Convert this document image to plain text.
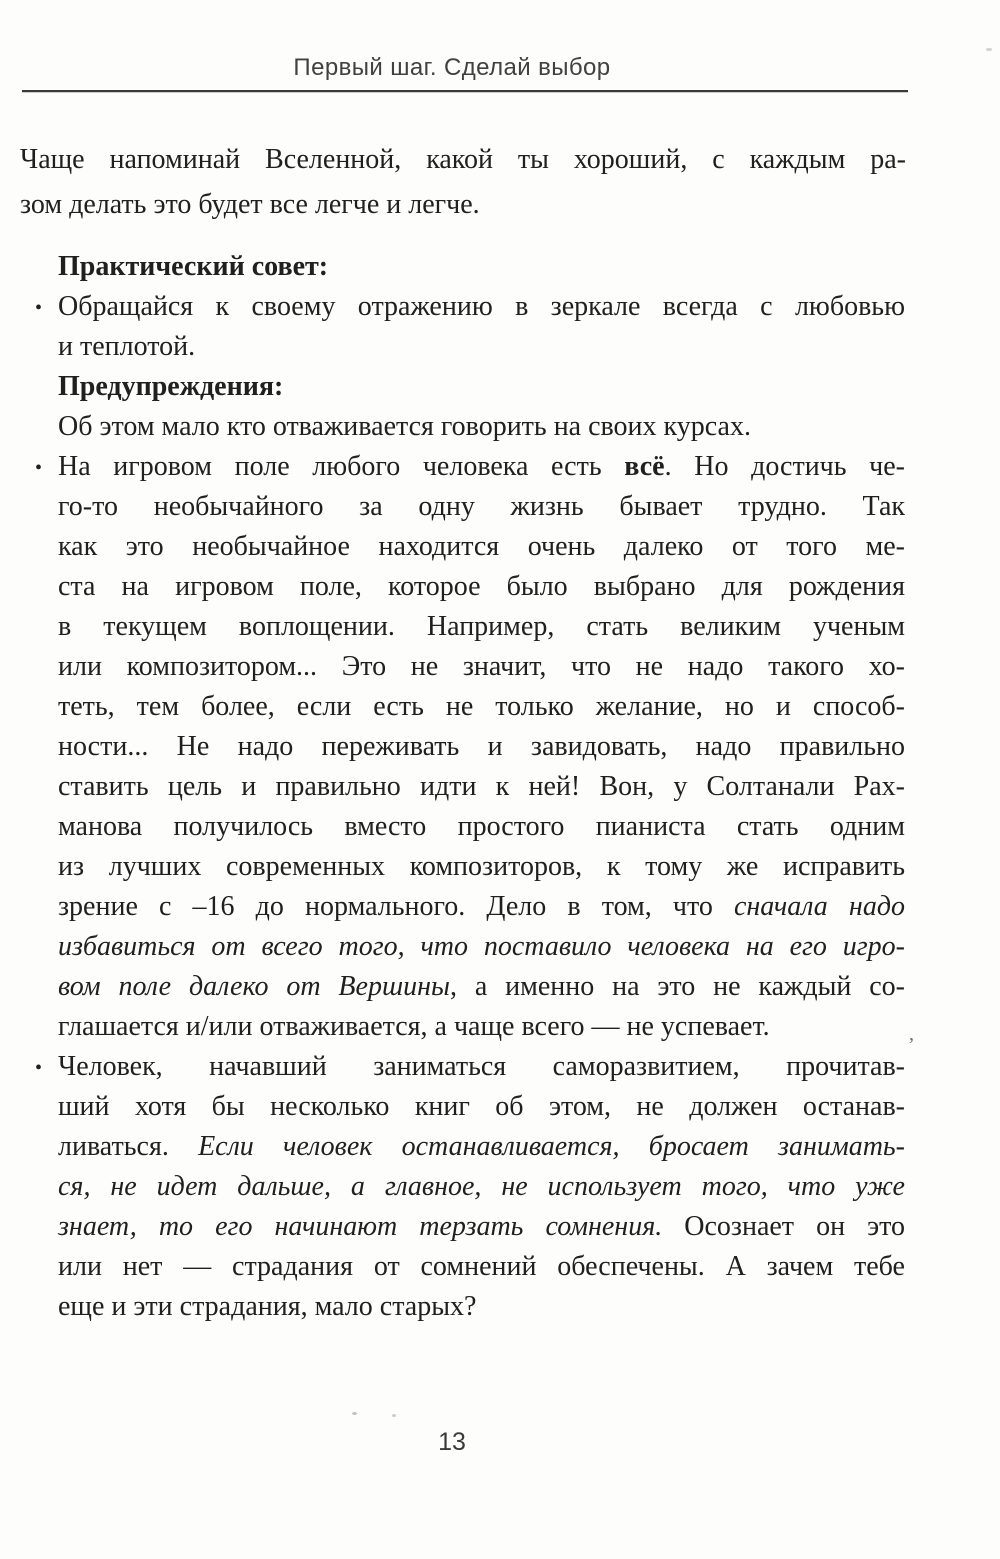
Первый шаг. Сделай выбор
Чаще напоминай Вселенной, какой ты хороший, с каждым ра-
зом делать это будет все легче и легче.
Практический совет:
• Обращайся к своему отражению в зеркале всегда с любовью
и теплотой.
Предупреждения:
Об этом мало кто отваживается говорить на своих курсах.
• На игровом поле любого человека есть всё. Но достичь че-
го-то необычайного за одну жизнь бывает трудно. Так
как это необычайное находится очень далеко от того ме-
ста на игровом поле, которое было выбрано для рождения
в текущем воплощении. Например, стать великим ученым
или композитором... Это не значит, что не надо такого хо-
теть, тем более, если есть не только желание, но и способ-
ности... Не надо переживать и завидовать, надо правильно
ставить цель и правильно идти к ней! Вон, у Солтанали Рах-
манова получилось вместо простого пианиста стать одним
из лучших современных композиторов, к тому же исправить
зрение с –16 до нормального. Дело в том, что сначала надо
избавиться от всего того, что поставило человека на его игро-
вом поле далеко от Вершины, а именно на это не каждый со-
глашается и/или отваживается, а чаще всего — не успевает.
• Человек, начавший заниматься саморазвитием, прочитав-
ший хотя бы несколько книг об этом, не должен останав-
ливаться. Если человек останавливается, бросает занимать-
ся, не идет дальше, а главное, не использует того, что уже
знает, то его начинают терзать сомнения. Осознает он это
или нет — страдания от сомнений обеспечены. А зачем тебе
еще и эти страдания, мало старых?
13
’
